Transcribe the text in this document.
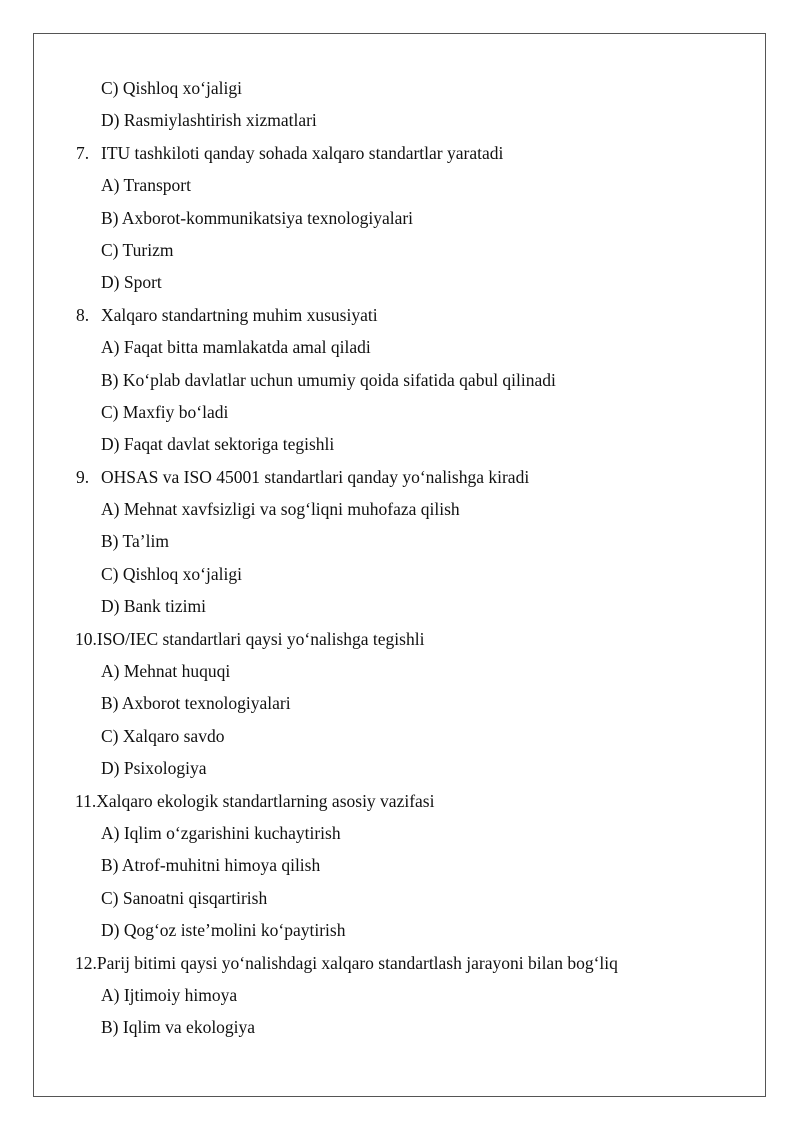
C) Qishloq xo‘jaligi
D) Rasmiylashtirish xizmatlari
7. ITU tashkiloti qanday sohada xalqaro standartlar yaratadi
A) Transport
B) Axborot-kommunikatsiya texnologiyalari
C) Turizm
D) Sport
8. Xalqaro standartning muhim xususiyati
A) Faqat bitta mamlakatda amal qiladi
B) Ko‘plab davlatlar uchun umumiy qoida sifatida qabul qilinadi
C) Maxfiy bo‘ladi
D) Faqat davlat sektoriga tegishli
9. OHSAS va ISO 45001 standartlari qanday yo‘nalishga kiradi
A) Mehnat xavfsizligi va sog‘liqni muhofaza qilish
B) Ta’lim
C) Qishloq xo‘jaligi
D) Bank tizimi
10. ISO/IEC standartlari qaysi yo‘nalishga tegishli
A) Mehnat huquqi
B) Axborot texnologiyalari
C) Xalqaro savdo
D) Psixologiya
11. Xalqaro ekologik standartlarning asosiy vazifasi
A) Iqlim o‘zgarishini kuchaytirish
B) Atrof-muhitni himoya qilish
C) Sanoatni qisqartirish
D) Qog‘oz iste’molini ko‘paytirish
12. Parij bitimi qaysi yo‘nalishdagi xalqaro standartlash jarayoni bilan bog‘liq
A) Ijtimoiy himoya
B) Iqlim va ekologiya
